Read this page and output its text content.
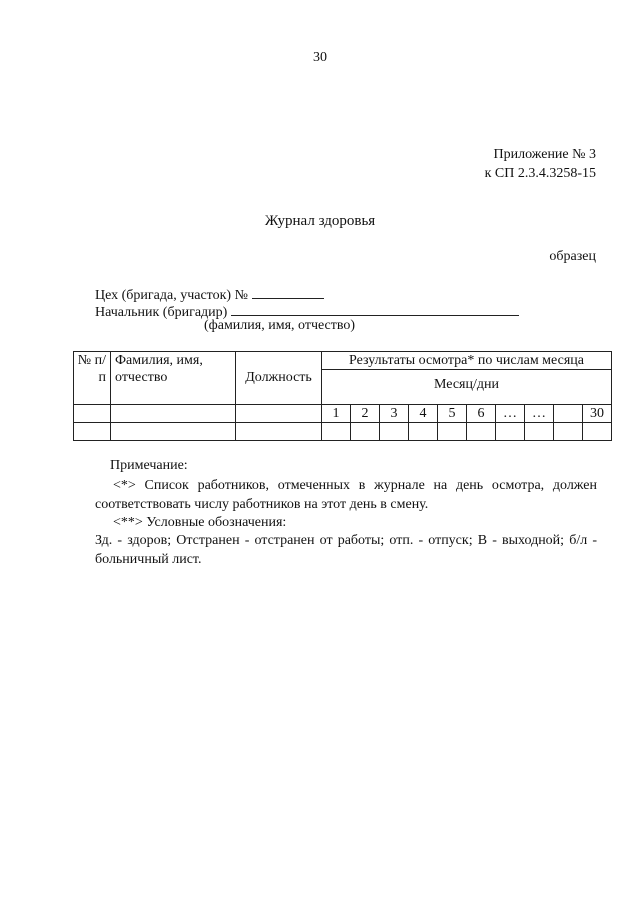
30
Приложение № 3
к СП 2.3.4.3258-15
Журнал здоровья
образец
Цех (бригада, участок) №
Начальник (бригадир)
(фамилия, имя, отчество)
№ п/п	Фамилия, имя, отчество	Должность	Результаты осмотра* по числам месяца									
			Месяц/дни									
			1	2	3	4	5	6	…	…		30

Примечание:
<*> Список работников, отмеченных в журнале на день осмотра, должен соответствовать числу работников на этот день в смену.
<**> Условные обозначения:
Зд. - здоров; Отстранен - отстранен от работы; отп. - отпуск; В - выходной; б/л - больничный лист.
